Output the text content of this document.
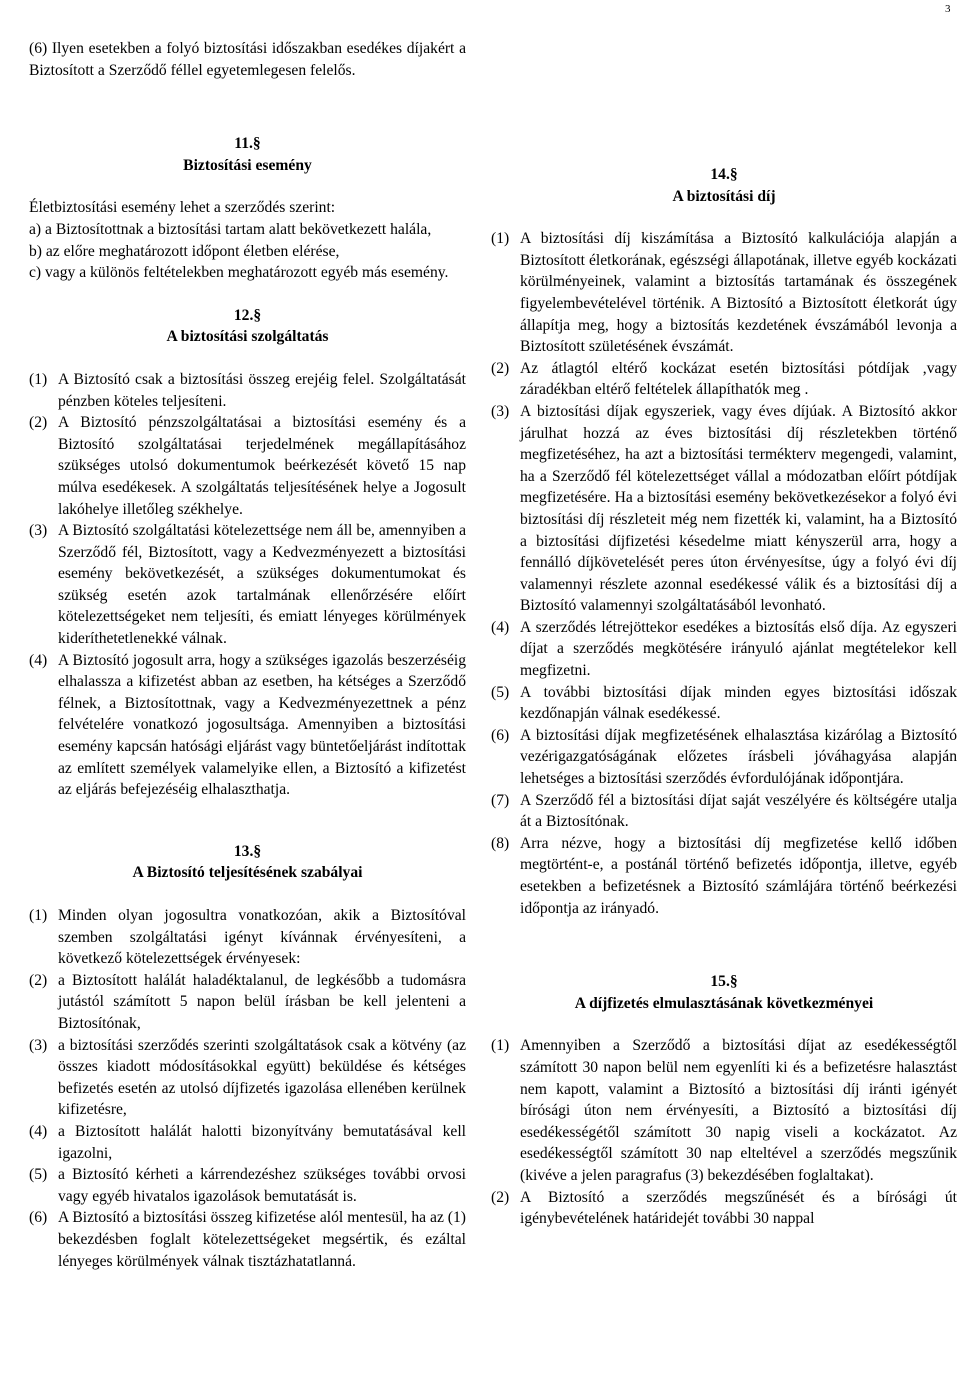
3

(6) Ilyen esetekben a folyó biztosítási időszakban esedékes díjakért a Biztosított a Szerződő féllel egyetemlegesen felelős.

11.§
Biztosítási esemény

Életbiztosítási esemény lehet a szerződés szerint:

a) a Biztosítottnak a biztosítási tartam alatt bekövetkezett halála,

b) az előre meghatározott időpont életben elérése,

c) vagy a különös feltételekben meghatározott egyéb más esemény.

12.§
A biztosítási szolgáltatás
(1) A Biztosító csak a biztosítási összeg erejéig felel. Szolgáltatását pénzben köteles teljesíteni.
(2) A Biztosító pénzszolgáltatásai a biztosítási esemény és a Biztosító szolgáltatásai terjedelmének megállapításához szükséges utolsó dokumentumok beérkezését követő 15 nap múlva esedékesek. A szolgáltatás teljesítésének helye a Jogosult lakóhelye illetőleg székhelye.
(3) A Biztosító szolgáltatási kötelezettsége nem áll be, amennyiben a Szerződő fél, Biztosított, vagy a Kedvezményezett a biztosítási esemény bekövetkezését, a szükséges dokumentumokat és szükség esetén azok tartalmának ellenőrzésére előírt kötelezettségeket nem teljesíti, és emiatt lényeges körülmények kideríthetetlenekké válnak.
(4) A Biztosító jogosult arra, hogy a szükséges igazolás beszerzéséig elhalassza a kifizetést abban az esetben, ha kétséges a Szerződő félnek, a Biztosítottnak, vagy a Kedvezményezettnek a pénz felvételére vonatkozó jogosultsága. Amennyiben a biztosítási esemény kapcsán hatósági eljárást vagy büntetőeljárást indítottak az említett személyek valamelyike ellen, a Biztosító a kifizetést az eljárás befejezéséig elhalaszthatja.
13.§
A Biztosító teljesítésének szabályai
(1) Minden olyan jogosultra vonatkozóan, akik a Biztosítóval szemben szolgáltatási igényt kívánnak érvényesíteni, a következő kötelezettségek érvényesek:
(2) a Biztosított halálát haladéktalanul, de legkésőbb a tudomásra jutástól számított 5 napon belül írásban be kell jelenteni a Biztosítónak,
(3) a biztosítási szerződés szerinti szolgáltatások csak a kötvény (az összes kiadott módosításokkal együtt) beküldése és kétséges befizetés esetén az utolsó díjfizetés igazolása ellenében kerülnek kifizetésre,
(4) a Biztosított halálát halotti bizonyítvány bemutatásával kell igazolni,
(5) a Biztosító kérheti a kárrendezéshez szükséges további orvosi vagy egyéb hivatalos igazolások bemutatását is.
(6) A Biztosító a biztosítási összeg kifizetése alól mentesül, ha az (1) bekezdésben foglalt kötelezettségeket megsértik, és ezáltal lényeges körülmények válnak tisztázhatatlanná.
14.§
A biztosítási díj
(1) A biztosítási díj kiszámítása a Biztosító kalkulációja alapján a Biztosított életkorának, egészségi állapotának, illetve egyéb kockázati körülményeinek, valamint a biztosítás tartamának és összegének figyelembevételével történik. A Biztosító a Biztosított életkorát úgy állapítja meg, hogy a biztosítás kezdetének évszámából levonja a Biztosított születésének évszámát.
(2) Az átlagtól eltérő kockázat esetén biztosítási pótdíjak ,vagy záradékban eltérő feltételek állapíthatók meg .
(3) A biztosítási díjak egyszeriek, vagy éves díjúak. A Biztosító akkor járulhat hozzá az éves biztosítási díj részletekben történő megfizetéséhez, ha azt a biztosítási termékterv megengedi, valamint, ha a Szerződő fél kötelezettséget vállal a módozatban előírt pótdíjak megfizetésére. Ha a biztosítási esemény bekövetkezésekor a folyó évi biztosítási díj részleteit még nem fizették ki, valamint, ha a Biztosító a biztosítási díjfizetési késedelme miatt kényszerül arra, hogy a fennálló díjkövetelését peres úton érvényesítse, úgy a folyó évi díj valamennyi részlete azonnal esedékessé válik és a biztosítási díj a Biztosító valamennyi szolgáltatásából levonható.
(4) A szerződés létrejöttekor esedékes a biztosítás első díja. Az egyszeri díjat a szerződés megkötésére irányuló ajánlat megtételekor kell megfizetni.
(5) A további biztosítási díjak minden egyes biztosítási időszak kezdőnapján válnak esedékessé.
(6) A biztosítási díjak megfizetésének elhalasztása kizárólag a Biztosító vezérigazgatóságának előzetes írásbeli jóváhagyása alapján lehetséges a biztosítási szerződés évfordulójának időpontjára.
(7) A Szerződő fél a biztosítási díjat saját veszélyére és költségére utalja át a Biztosítónak.
(8) Arra nézve, hogy a biztosítási díj megfizetése kellő időben megtörtént-e, a postánál történő befizetés időpontja, illetve, egyéb esetekben a befizetésnek a Biztosító számlájára történő beérkezési időpontja az irányadó.
15.§
A díjfizetés elmulasztásának következményei
(1) Amennyiben a Szerződő a biztosítási díjat az esedékességtől számított 30 napon belül nem egyenlíti ki és a befizetésre halasztást nem kapott, valamint a Biztosító a biztosítási díj iránti igényét bírósági úton nem érvényesíti, a Biztosító a biztosítási díj esedékességétől számított 30 napig viseli a kockázatot. Az esedékességtől számított 30 nap elteltével a szerződés megszűnik (kivéve a jelen paragrafus (3) bekezdésében foglaltakat).
(2) A Biztosító a szerződés megszűnését és a bírósági út igénybevételének határidejét további 30 nappal
